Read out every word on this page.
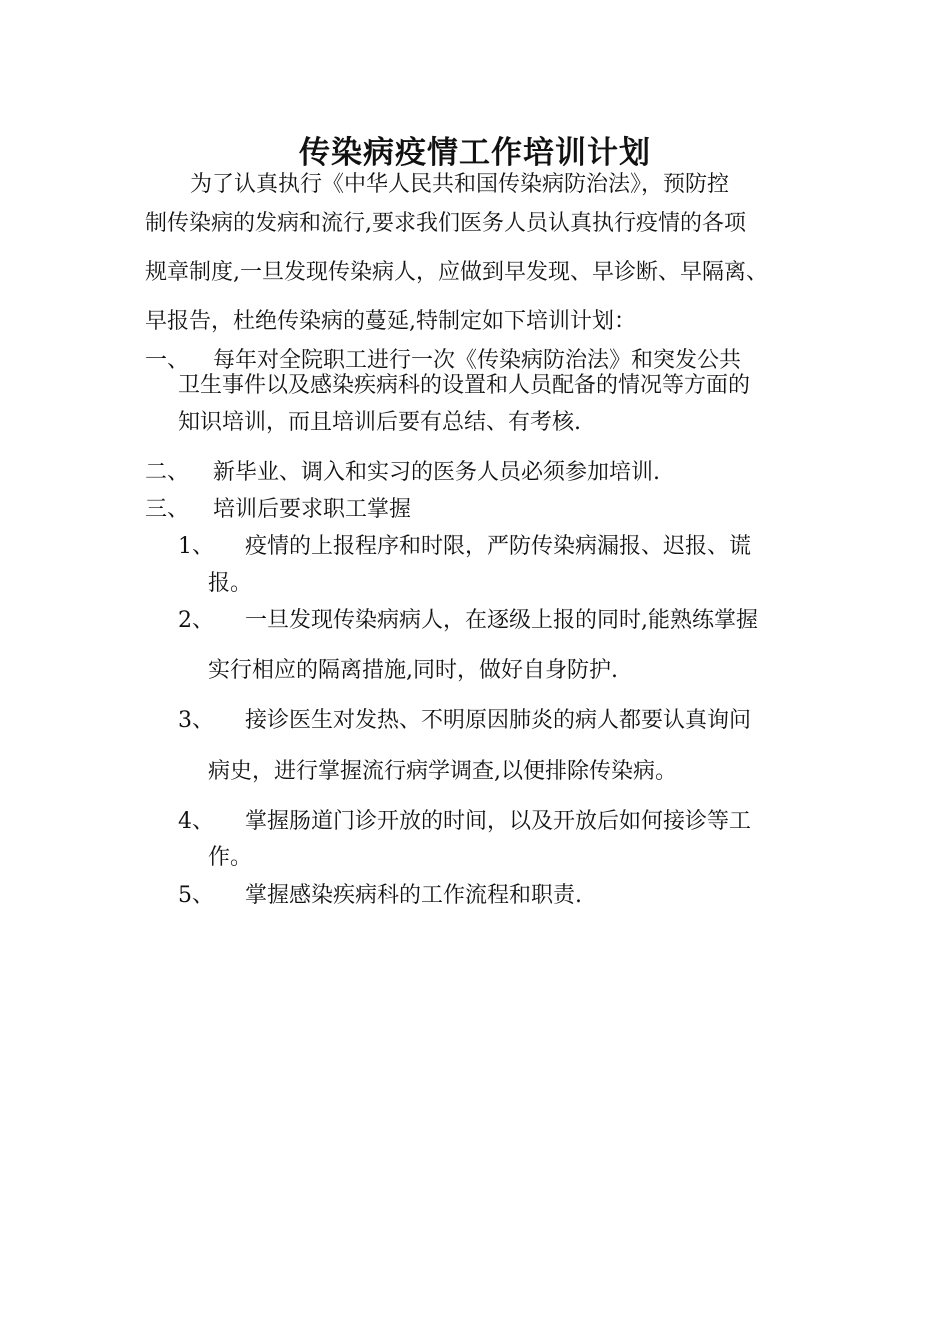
传染病疫情工作培训计划
为了认真执行《中华人民共和国传染病防治法》，预防控
制传染病的发病和流行,要求我们医务人员认真执行疫情的各项
规章制度,一旦发现传染病人，应做到早发现、早诊断、早隔离、
早报告，杜绝传染病的蔓延,特制定如下培训计划：
一、 每年对全院职工进行一次《传染病防治法》和突发公共
卫生事件以及感染疾病科的设置和人员配备的情况等方面的
知识培训，而且培训后要有总结、有考核.
二、 新毕业、调入和实习的医务人员必须参加培训.
三、 培训后要求职工掌握
1、 疫情的上报程序和时限，严防传染病漏报、迟报、谎
报。
2、 一旦发现传染病病人，在逐级上报的同时,能熟练掌握
实行相应的隔离措施,同时，做好自身防护.
3、 接诊医生对发热、不明原因肺炎的病人都要认真询问
病史，进行掌握流行病学调查,以便排除传染病。
4、 掌握肠道门诊开放的时间，以及开放后如何接诊等工
作。
5、 掌握感染疾病科的工作流程和职责.
